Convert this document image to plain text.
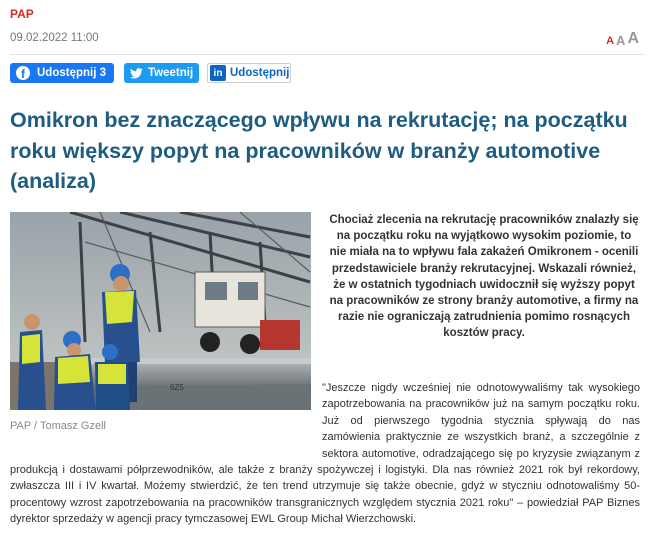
PAP
09.02.2022 11:00	A A A
f	Udostępnij 3	Tweetnij	in Udostępnij
Omikron bez znaczącego wpływu na rekrutację; na początku roku większy popyt na pracowników w branży automotive (analiza)
6Z5
PAP / Tomasz Gzell
Chociaż zlecenia na rekrutację pracowników znalazły się na początku roku na wyjątkowo wysokim poziomie, to nie miała na to wpływu fala zakażeń Omikronem - ocenili przedstawiciele branży rekrutacyjnej. Wskazali również, że w ostatnich tygodniach uwidocznił się wyższy popyt na pracowników ze strony branży automotive, a firmy na razie nie ograniczają zatrudnienia pomimo rosnących kosztów pracy.
"Jeszcze nigdy wcześniej nie odnotowywaliśmy tak wysokiego zapotrzebowania na pracowników już na samym początku roku. Już od pierwszego tygodnia stycznia spływają do nas zamówienia praktycznie ze wszystkich branż, a szczególnie z sektora automotive, odradzającego się po kryzysie związanym z produkcją i dostawami półprzewodników, ale także z branży spożywczej i logistyki. Dla nas również 2021 rok był rekordowy, zwłaszcza III i IV kwartał. Możemy stwierdzić, że ten trend utrzymuje się także obecnie, gdyż w styczniu odnotowaliśmy 50-procentowy wzrost zapotrzebowania na pracowników transgranicznych względem stycznia 2021 roku" – powiedział PAP Biznes dyrektor sprzedaży w agencji pracy tymczasowej EWL Group Michał Wierzchowski.
